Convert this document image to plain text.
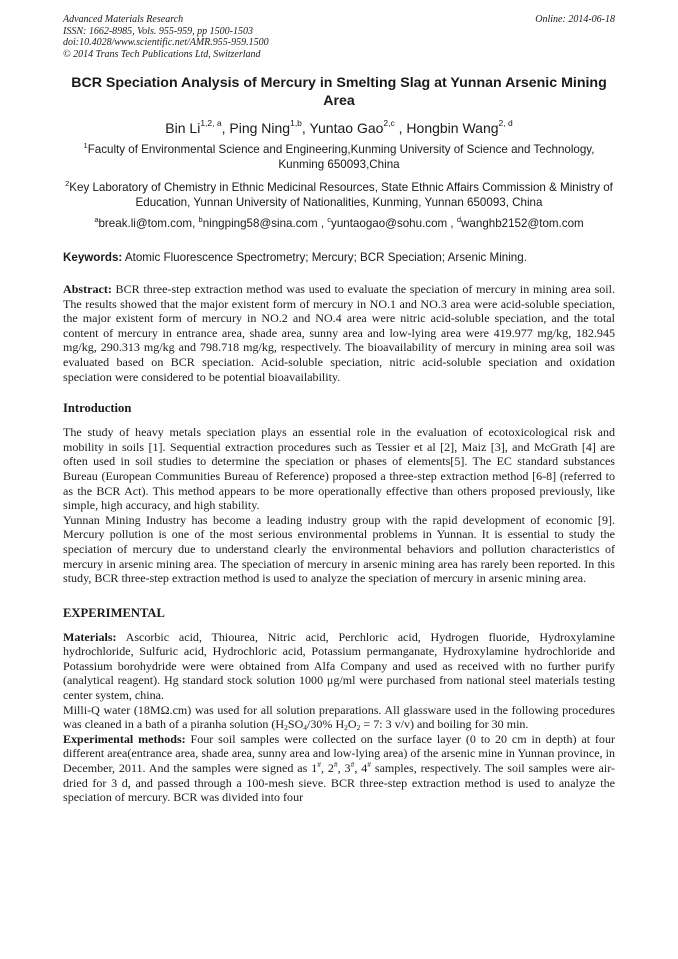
Advanced Materials Research
ISSN: 1662-8985, Vols. 955-959, pp 1500-1503
doi:10.4028/www.scientific.net/AMR.955-959.1500
© 2014 Trans Tech Publications Ltd, Switzerland
Online: 2014-06-18
BCR Speciation Analysis of Mercury in Smelting Slag at Yunnan Arsenic Mining Area
Bin Li$^{1,2, a}$, Ping Ning$^{1,b}$, Yuntao Gao$^{2,c}$ , Hongbin Wang$^{2, d}$
$^1$Faculty of Environmental Science and Engineering,Kunming University of Science and Technology, Kunming 650093,China
$^2$Key Laboratory of Chemistry in Ethnic Medicinal Resources, State Ethnic Affairs Commission & Ministry of Education, Yunnan University of Nationalities, Kunming, Yunnan 650093, China
$^a$break.li@tom.com, $^b$ningping58@sina.com , $^c$yuntaogao@sohu.com , $^d$wanghb2152@tom.com
Keywords: Atomic Fluorescence Spectrometry; Mercury; BCR Speciation; Arsenic Mining.

Abstract: BCR three-step extraction method was used to evaluate the speciation of mercury in mining area soil. The results showed that the major existent form of mercury in NO.1 and NO.3 area were acid-soluble speciation, the major existent form of mercury in NO.2 and NO.4 area were nitric acid-soluble speciation, and the total content of mercury in entrance area, shade area, sunny area and low-lying area were 419.977 mg/kg, 182.945 mg/kg, 290.313 mg/kg and 798.718 mg/kg, respectively. The bioavailability of mercury in mining area soil was evaluated based on BCR speciation. Acid-soluble speciation, nitric acid-soluble speciation and oxidation speciation were considered to be potential bioavailability.

Introduction

The study of heavy metals speciation plays an essential role in the evaluation of ecotoxicological risk and mobility in soils [1]. Sequential extraction procedures such as Tessier et al [2], Maiz [3], and McGrath [4] are often used in soil studies to determine the speciation or phases of elements[5]. The EC standard substances Bureau (European Communities Bureau of Reference) proposed a three-step extraction method [6-8] (referred to as the BCR Act). This method appears to be more operationally effective than others proposed previously, like simple, high accuracy, and high stability.

Yunnan Mining Industry has become a leading industry group with the rapid development of economic [9]. Mercury pollution is one of the most serious environmental problems in Yunnan. It is essential to study the speciation of mercury due to understand clearly the environmental behaviors and pollution characteristics of mercury in arsenic mining area. The speciation of mercury in arsenic mining area has rarely been reported. In this study, BCR three-step extraction method is used to analyze the speciation of mercury in arsenic mining area.

EXPERIMENTAL

Materials: Ascorbic acid, Thiourea, Nitric acid, Perchloric acid, Hydrogen fluoride, Hydroxylamine hydrochloride, Sulfuric acid, Hydrochloric acid, Potassium permanganate, Hydroxylamine hydrochloride and Potassium borohydride were were obtained from Alfa Company and used as received with no further purify (analytical reagent). Hg standard stock solution 1000 μg/ml were purchased from national steel materials testing center system, china.

Milli-Q water (18MΩ.cm) was used for all solution preparations. All glassware used in the following procedures was cleaned in a bath of a piranha solution (H2SO4/30% H2O2 = 7: 3 v/v) and boiling for 30 min.

Experimental methods: Four soil samples were collected on the surface layer (0 to 20 cm in depth) at four different area(entrance area, shade area, sunny area and low-lying area) of the arsenic mine in Yunnan province, in December, 2011. And the samples were signed as 1#, 2#, 3#, 4# samples, respectively. The soil samples were air-dried for 3 d, and passed through a 100-mesh sieve. BCR three-step extraction method is used to analyze the speciation of mercury. BCR was divided into four
